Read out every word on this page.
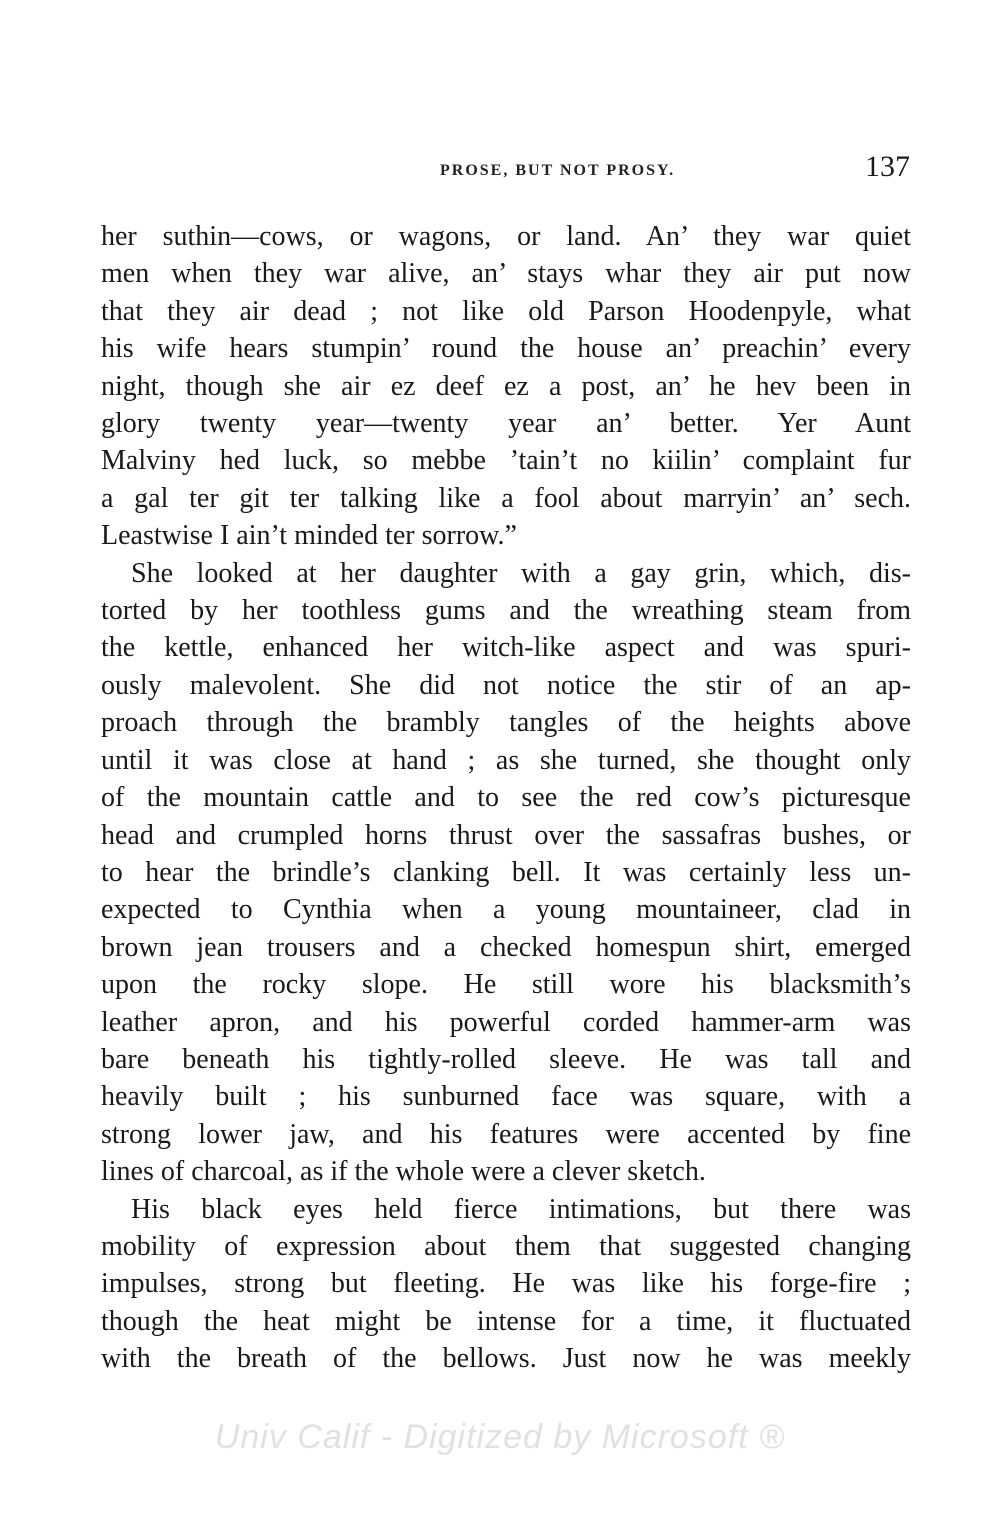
PROSE, BUT NOT PROSY.	137

her suthin—cows, or wagons, or land. An’ they war quiet
men when they war alive, an’ stays whar they air put now
that they air dead ; not like old Parson Hoodenpyle, what
his wife hears stumpin’ round the house an’ preachin’ every
night, though she air ez deef ez a post, an’ he hev been in
glory twenty year—twenty year an’ better. Yer Aunt
Malviny hed luck, so mebbe ’tain’t no kiilin’ complaint fur
a gal ter git ter talking like a fool about marryin’ an’ sech.
Leastwise I ain’t minded ter sorrow.”

She looked at her daughter with a gay grin, which, dis-
torted by her toothless gums and the wreathing steam from
the kettle, enhanced her witch-like aspect and was spuri-
ously malevolent. She did not notice the stir of an ap-
proach through the brambly tangles of the heights above
until it was close at hand ; as she turned, she thought only
of the mountain cattle and to see the red cow’s picturesque
head and crumpled horns thrust over the sassafras bushes, or
to hear the brindle’s clanking bell. It was certainly less un-
expected to Cynthia when a young mountaineer, clad in
brown jean trousers and a checked homespun shirt, emerged
upon the rocky slope. He still wore his blacksmith’s
leather apron, and his powerful corded hammer-arm was
bare beneath his tightly-rolled sleeve. He was tall and
heavily built ; his sunburned face was square, with a
strong lower jaw, and his features were accented by fine
lines of charcoal, as if the whole were a clever sketch.

His black eyes held fierce intimations, but there was
mobility of expression about them that suggested changing
impulses, strong but fleeting. He was like his forge-fire ;
though the heat might be intense for a time, it fluctuated
with the breath of the bellows. Just now he was meekly

Univ Calif - Digitized by Microsoft ®
